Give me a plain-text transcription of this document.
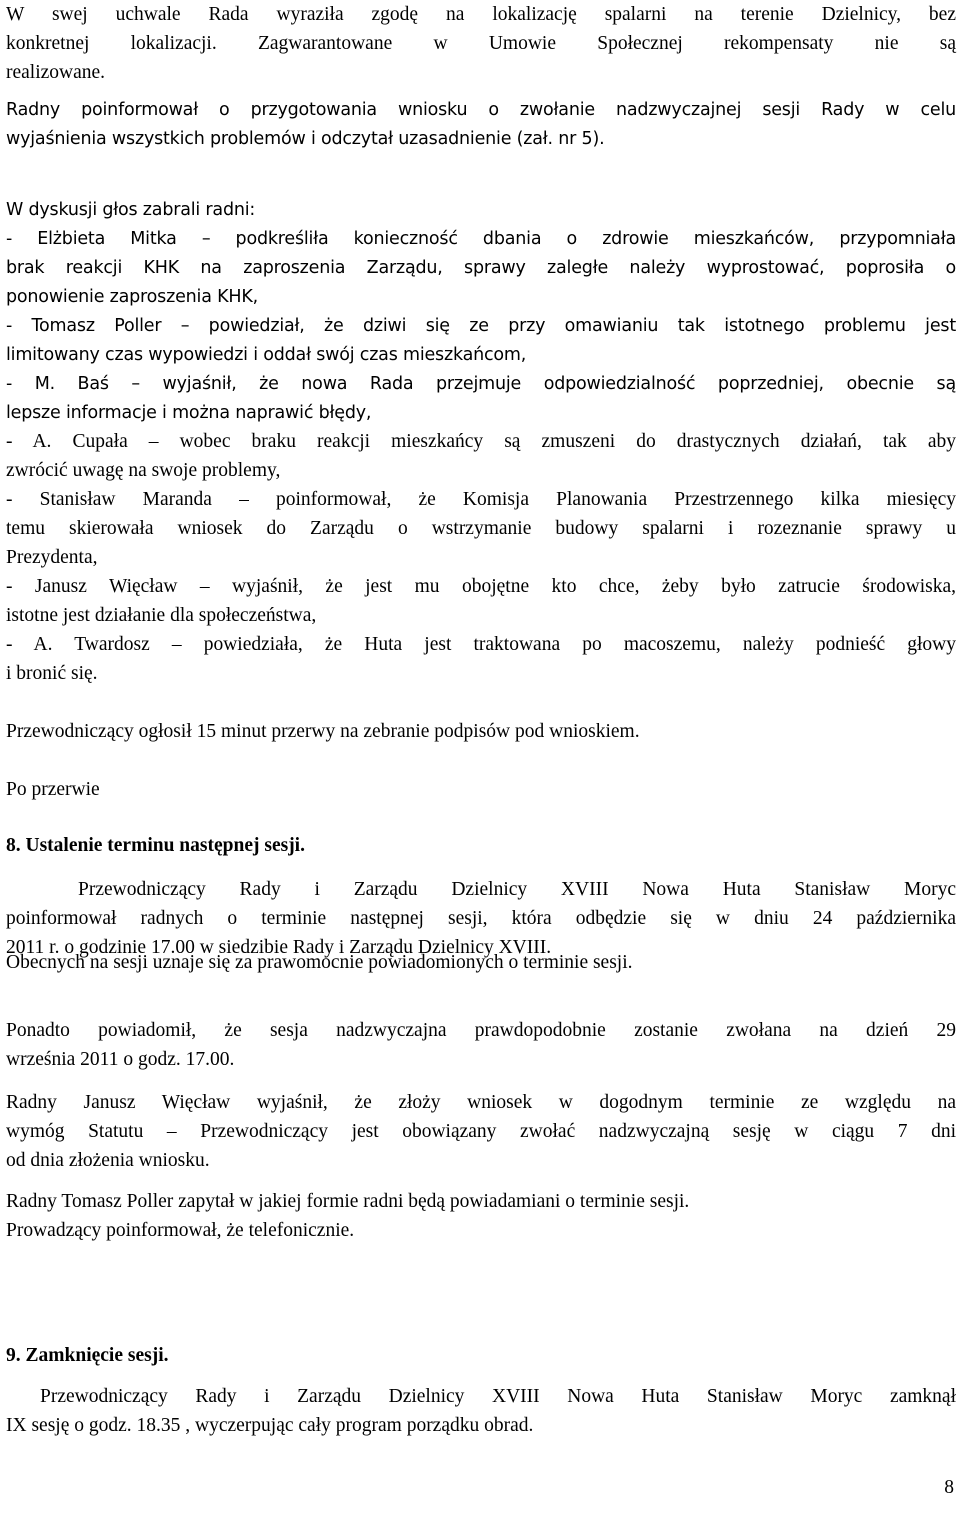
W swej uchwale Rada wyraziła zgodę na lokalizację spalarni na terenie Dzielnicy, bez
konkretnej lokalizacji. Zagwarantowane w Umowie Społecznej rekompensaty nie są
realizowane.

Radny poinformował o przygotowania wniosku o zwołanie nadzwyczajnej sesji Rady w celu
wyjaśnienia wszystkich problemów i odczytał uzasadnienie (zał. nr 5).

W dyskusji głos zabrali radni:
- Elżbieta Mitka – podkreśliła konieczność dbania o zdrowie mieszkańców, przypomniała
brak reakcji KHK na zaproszenia Zarządu, sprawy zaległe należy wyprostować, poprosiła o
ponowienie zaproszenia KHK,
- Tomasz Poller – powiedział, że dziwi się ze przy omawianiu tak istotnego problemu jest
limitowany czas wypowiedzi i oddał swój czas mieszkańcom,
- M. Baś – wyjaśnił, że nowa Rada przejmuje odpowiedzialność poprzedniej, obecnie są
lepsze informacje i można naprawić błędy,

- A. Cupała – wobec braku reakcji mieszkańcy są zmuszeni do drastycznych działań, tak aby
zwrócić uwagę na swoje problemy,
- Stanisław Maranda – poinformował, że Komisja Planowania Przestrzennego kilka miesięcy
temu skierowała wniosek do Zarządu o wstrzymanie budowy spalarni i rozeznanie sprawy u
Prezydenta,
- Janusz Więcław – wyjaśnił, że jest mu obojętne kto chce, żeby było zatrucie środowiska,
istotne jest działanie dla społeczeństwa,
- A. Twardosz – powiedziała, że Huta jest traktowana po macoszemu, należy podnieść głowy
i bronić się.

Przewodniczący ogłosił 15 minut przerwy na zebranie podpisów pod wnioskiem.

Po przerwie

8. Ustalenie terminu następnej sesji.

Przewodniczący Rady i Zarządu Dzielnicy XVIII Nowa Huta Stanisław Moryc
poinformował radnych o terminie następnej sesji, która odbędzie się w dniu 24 października
2011 r. o godzinie 17.00 w siedzibie Rady i Zarządu Dzielnicy XVIII.

Obecnych na sesji uznaje się za prawomocnie powiadomionych o terminie sesji.

Ponadto powiadomił, że sesja nadzwyczajna prawdopodobnie zostanie zwołana na dzień 29
września 2011 o godz. 17.00.

Radny Janusz Więcław wyjaśnił, że złoży wniosek w dogodnym terminie ze względu na
wymóg Statutu – Przewodniczący jest obowiązany zwołać nadzwyczajną sesję w ciągu 7 dni
od dnia złożenia wniosku.

Radny Tomasz Poller zapytał w jakiej formie radni będą powiadamiani o terminie sesji.
Prowadzący poinformował, że telefonicznie.

9. Zamknięcie sesji.

Przewodniczący Rady i Zarządu Dzielnicy XVIII Nowa Huta Stanisław Moryc zamknął
IX sesję o godz. 18.35 , wyczerpując cały program porządku obrad.

8
